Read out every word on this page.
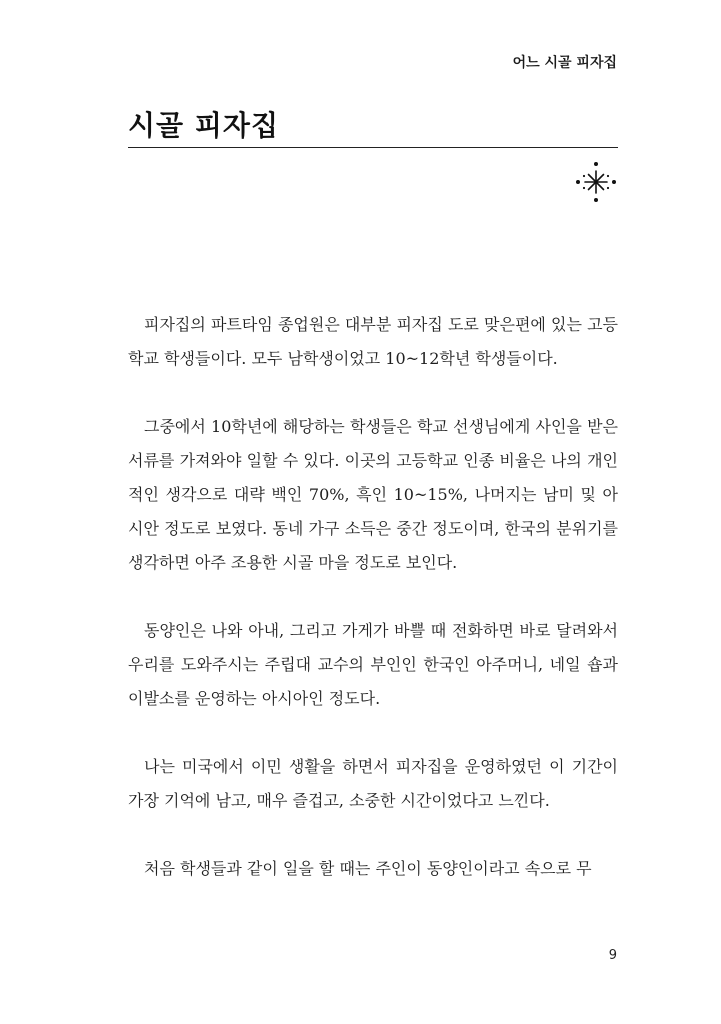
어느 시골 피자집
시골 피자집

피자집의 파트타임 종업원은 대부분 피자집 도로 맞은편에 있는 고등학교 학생들이다. 모두 남학생이었고 10~12학년 학생들이다.

그중에서 10학년에 해당하는 학생들은 학교 선생님에게 사인을 받은 서류를 가져와야 일할 수 있다. 이곳의 고등학교 인종 비율은 나의 개인적인 생각으로 대략 백인 70%, 흑인 10~15%, 나머지는 남미 및 아시안 정도로 보였다. 동네 가구 소득은 중간 정도이며, 한국의 분위기를 생각하면 아주 조용한 시골 마을 정도로 보인다.

동양인은 나와 아내, 그리고 가게가 바쁠 때 전화하면 바로 달려와서 우리를 도와주시는 주립대 교수의 부인인 한국인 아주머니, 네일 숍과 이발소를 운영하는 아시아인 정도다.

나는 미국에서 이민 생활을 하면서 피자집을 운영하였던 이 기간이 가장 기억에 남고, 매우 즐겁고, 소중한 시간이었다고 느낀다.

처음 학생들과 같이 일을 할 때는 주인이 동양인이라고 속으로 무

9
